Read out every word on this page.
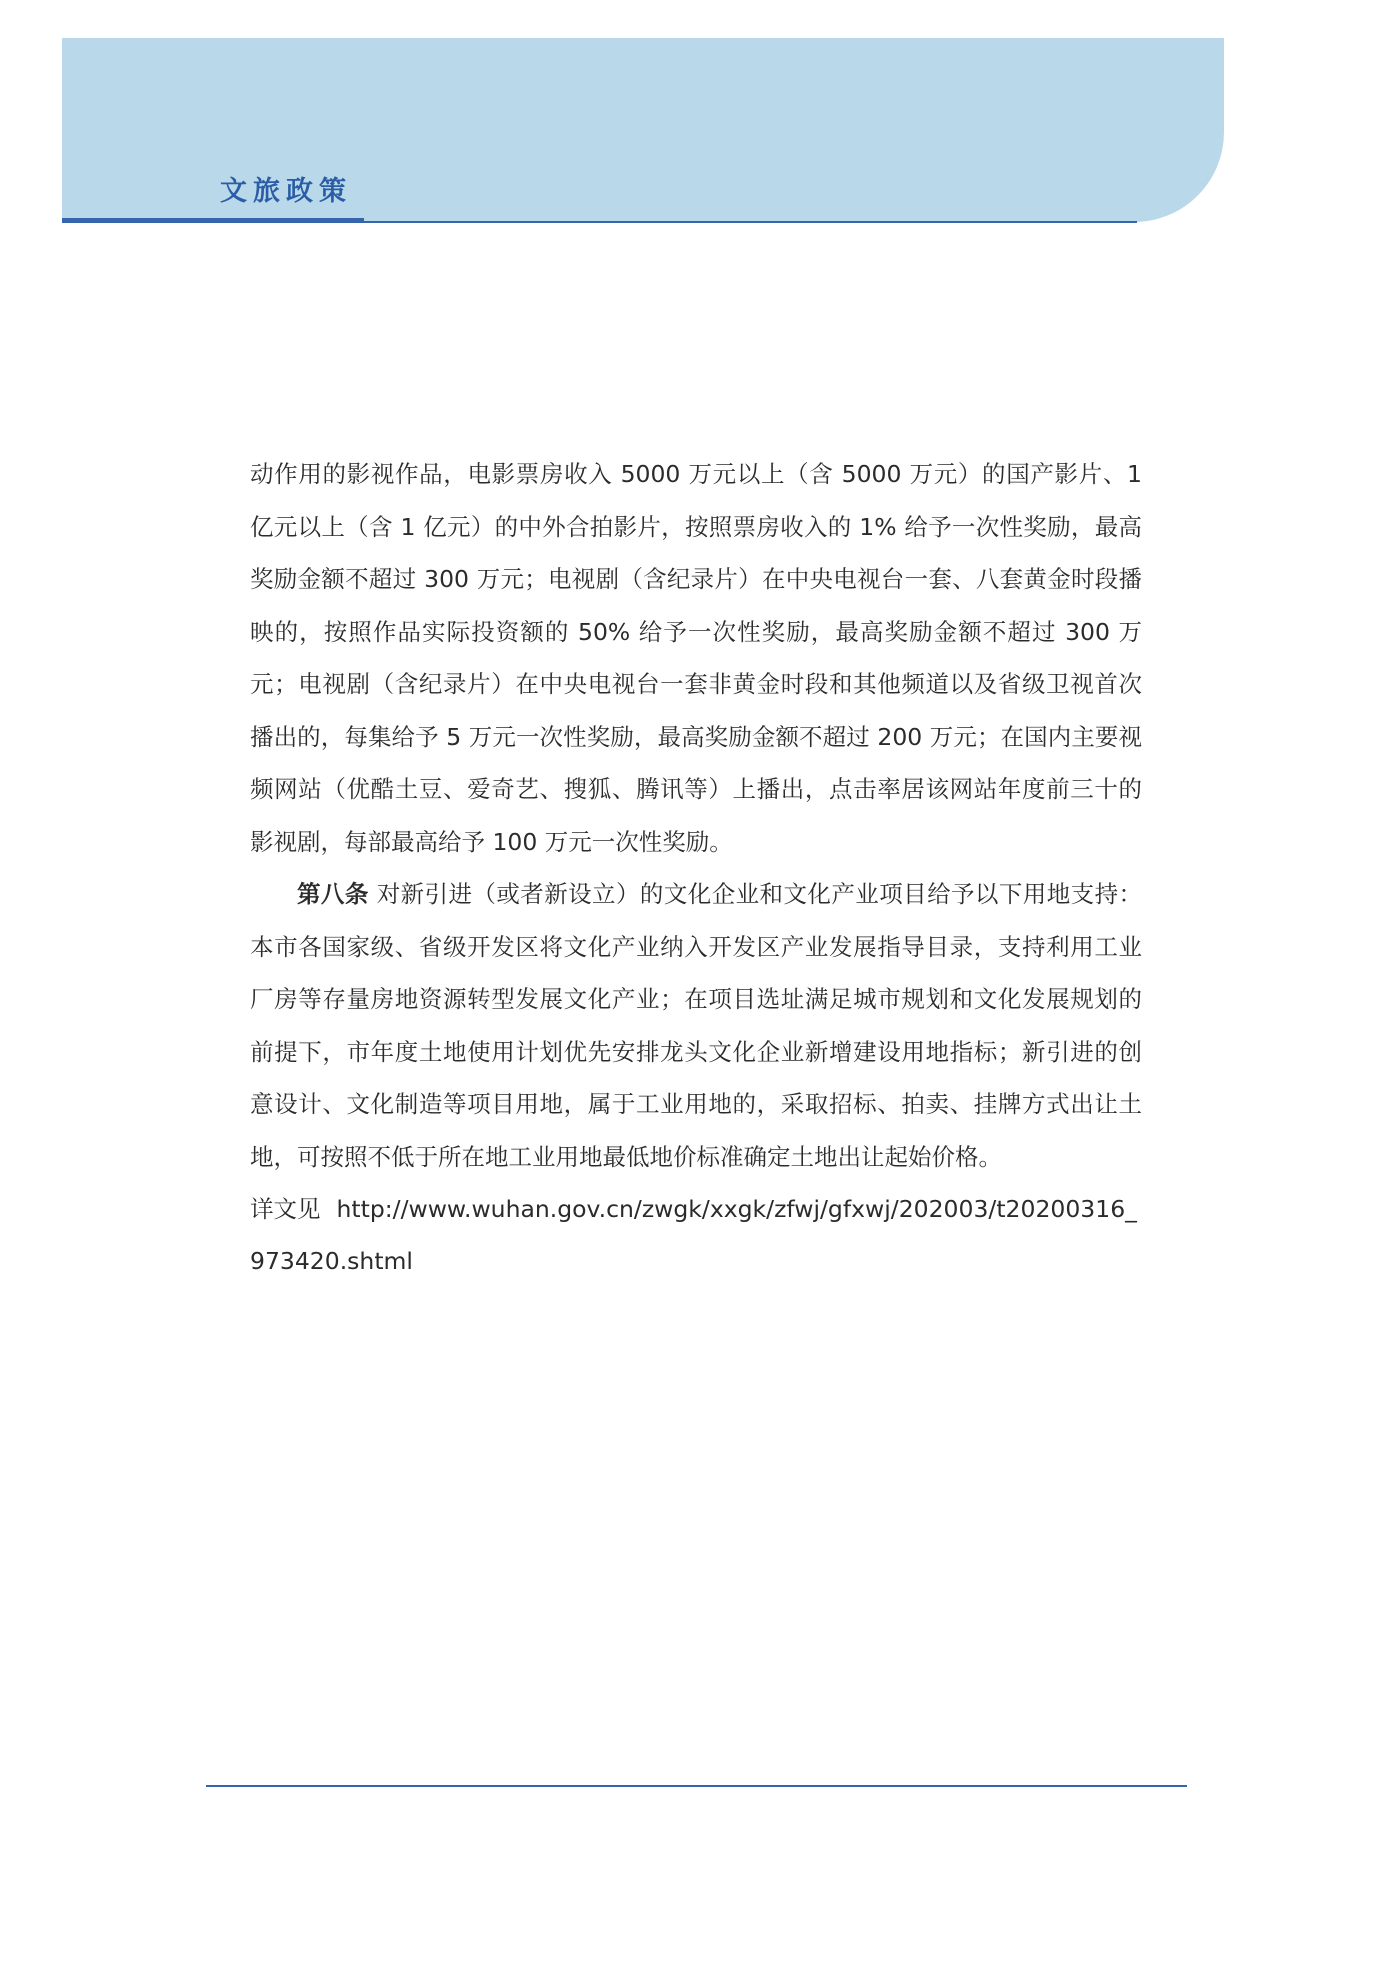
文旅政策

动作用的影视作品，电影票房收入 5000 万元以上（含 5000 万元）的国产影片、1 亿元以上（含 1 亿元）的中外合拍影片，按照票房收入的 1% 给予一次性奖励，最高奖励金额不超过 300 万元；电视剧（含纪录片）在中央电视台一套、八套黄金时段播映的，按照作品实际投资额的 50% 给予一次性奖励，最高奖励金额不超过 300 万元；电视剧（含纪录片）在中央电视台一套非黄金时段和其他频道以及省级卫视首次播出的，每集给予 5 万元一次性奖励，最高奖励金额不超过 200 万元；在国内主要视频网站（优酷土豆、爱奇艺、搜狐、腾讯等）上播出，点击率居该网站年度前三十的影视剧，每部最高给予 100 万元一次性奖励。

第八条 对新引进（或者新设立）的文化企业和文化产业项目给予以下用地支持：本市各国家级、省级开发区将文化产业纳入开发区产业发展指导目录，支持利用工业厂房等存量房地资源转型发展文化产业；在项目选址满足城市规划和文化发展规划的前提下，市年度土地使用计划优先安排龙头文化企业新增建设用地指标；新引进的创意设计、文化制造等项目用地，属于工业用地的，采取招标、拍卖、挂牌方式出让土地，可按照不低于所在地工业用地最低地价标准确定土地出让起始价格。

详文见 http://www.wuhan.gov.cn/zwgk/xxgk/zfwj/gfxwj/202003/t20200316_973420.shtml
